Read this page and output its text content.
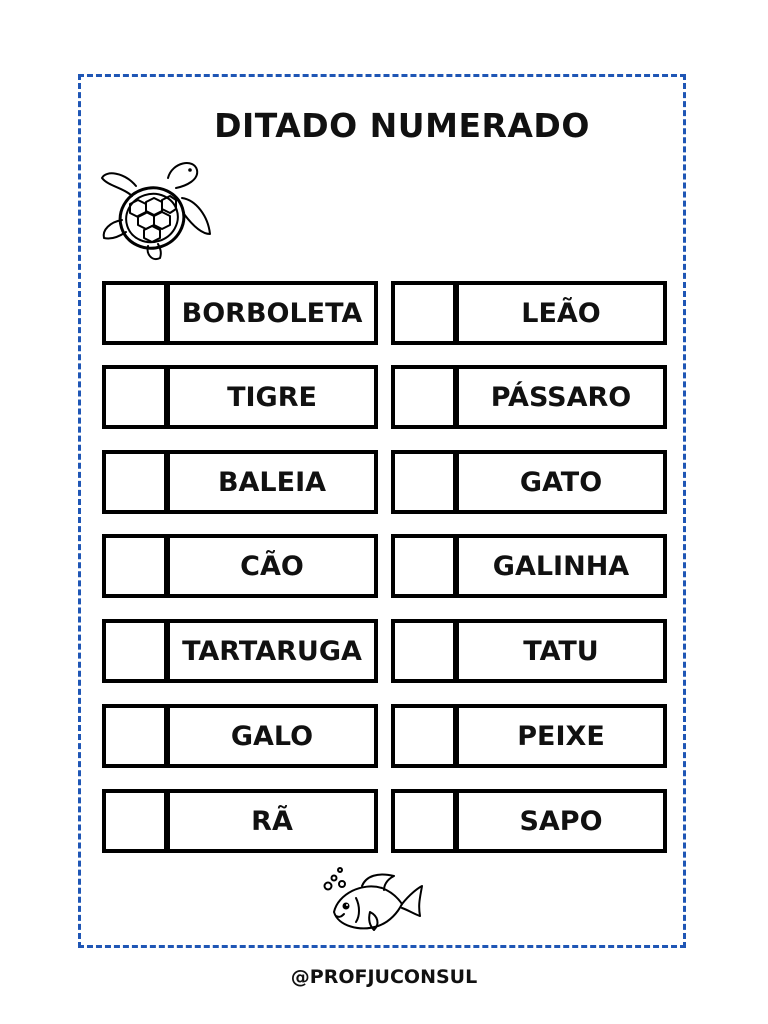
DITADO NUMERADO
BORBOLETA
TIGRE
BALEIA
CÃO
TARTARUGA
GALO
RÃ
LEÃO
PÁSSARO
GATO
GALINHA
TATU
PEIXE
SAPO
@PROFJUCONSUL
